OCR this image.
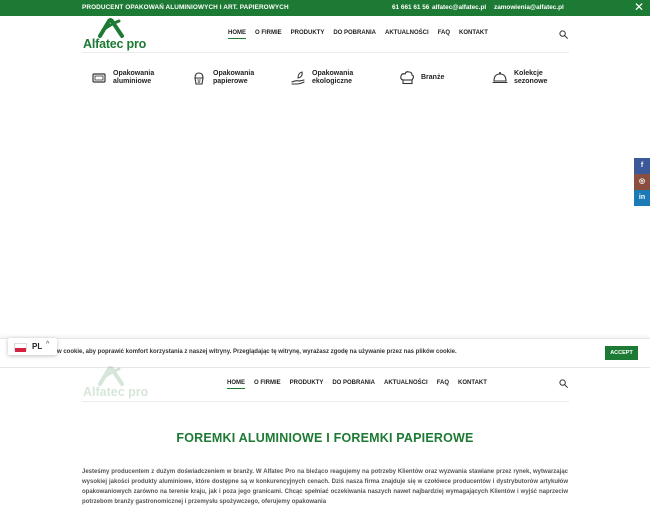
PRODUCENT OPAKOWAŃ ALUMINIOWYCH I ART. PAPIEROWYCH	61 661 61 56 alfatec@alfatec.pl zamowienia@alfatec.pl	✕
Alfatec pro
HOME O FIRMIE PRODUKTY DO POBRANIA AKTUALNOŚCI FAQ KONTAKT
Opakowania
aluminiowe
Opakowania
papierowe
Opakowania
ekologiczne
Branże
Kolekcje
sezonowe
f
◎
in
w cookie, aby poprawić komfort korzystania z naszej witryny. Przeglądając tę witrynę, wyrażasz zgodę na używanie przez nas plików cookie.	ACCEPT
PL ^
Alfatec pro
HOME O FIRMIE PRODUKTY DO POBRANIA AKTUALNOŚCI FAQ KONTAKT
FOREMKI ALUMINIOWE I FOREMKI PAPIEROWE

Jesteśmy producentem z dużym doświadczeniem w branży. W Alfatec Pro na bieżąco reagujemy na potrzeby Klientów oraz wyzwania stawiane przez rynek, wytwarzając wysokiej jakości produkty aluminiowe, które dostępne są w konkurencyjnych cenach. Dziś nasza firma znajduje się w czołówce producentów i dystrybutorów artykułów opakowaniowych zarówno na terenie kraju, jak i poza jego granicami. Chcąc spełniać oczekiwania naszych nawet najbardziej wymagających Klientów i wyjść naprzeciw potrzebom branży gastronomicznej i przemysłu spożywczego, oferujemy opakowania
